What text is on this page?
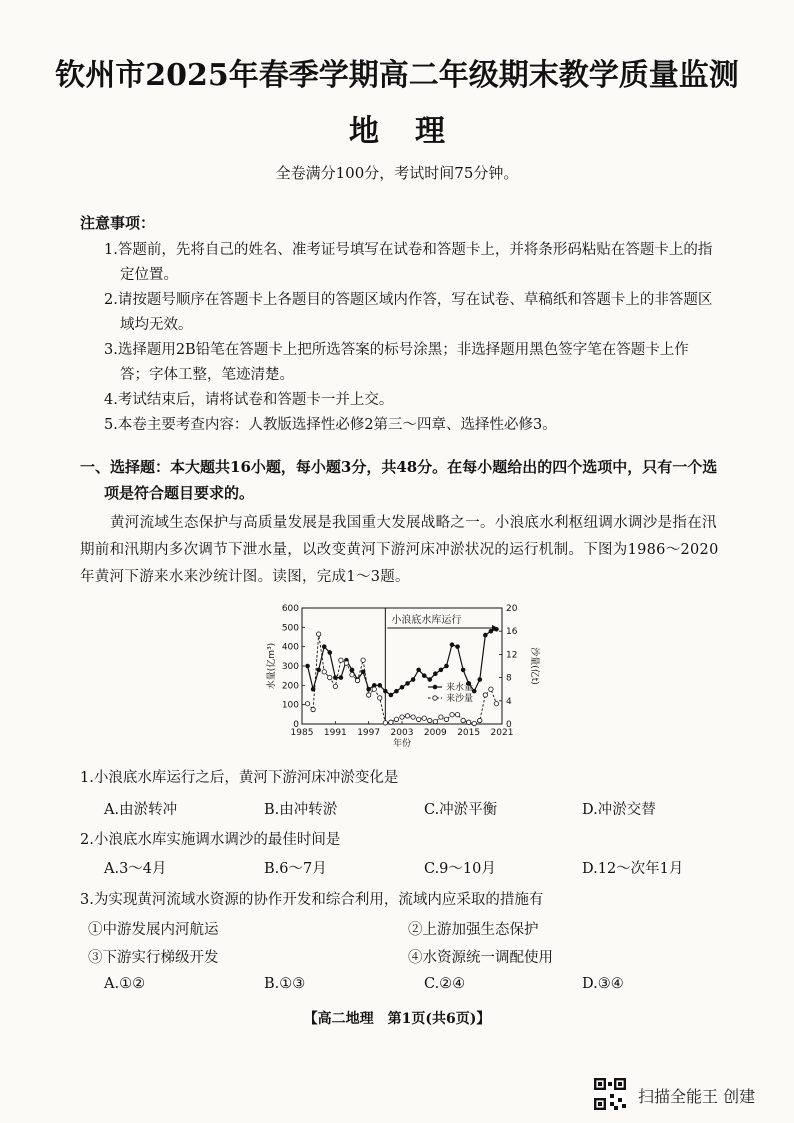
钦州市2025年春季学期高二年级期末教学质量监测
地理
全卷满分100分，考试时间75分钟。
注意事项：
1.答题前，先将自己的姓名、准考证号填写在试卷和答题卡上，并将条形码粘贴在答题卡上的指定位置。
2.请按题号顺序在答题卡上各题目的答题区域内作答，写在试卷、草稿纸和答题卡上的非答题区域均无效。
3.选择题用2B铅笔在答题卡上把所选答案的标号涂黑；非选择题用黑色签字笔在答题卡上作答；字体工整，笔迹清楚。
4.考试结束后，请将试卷和答题卡一并上交。
5.本卷主要考查内容：人教版选择性必修2第三～四章、选择性必修3。
一、选择题：本大题共16小题，每小题3分，共48分。在每小题给出的四个选项中，只有一个选
项是符合题目要求的。
黄河流域生态保护与高质量发展是我国重大发展战略之一。小浪底水利枢纽调水调沙是指在汛期前和汛期内多次调节下泄水量，以改变黄河下游河床冲淤状况的运行机制。下图为1986～2020年黄河下游来水来沙统计图。读图，完成1～3题。
0
100
200
300
400
500
600
0
4
8
12
16
20
1985 1991 1997 2003 2009 2015 2021
年份
水量(亿m³)	沙量(亿t)
小浪底水库运行
来水量
来沙量
1.小浪底水库运行之后，黄河下游河床冲淤变化是
A.由淤转冲	B.由冲转淤	C.冲淤平衡	D.冲淤交替
2.小浪底水库实施调水调沙的最佳时间是
A.3～4月	B.6～7月	C.9～10月	D.12～次年1月
3.为实现黄河流域水资源的协作开发和综合利用，流域内应采取的措施有
①中游发展内河航运	②上游加强生态保护
③下游实行梯级开发	④水资源统一调配使用
A.①②	B.①③	C.②④	D.③④
【高二地理　第1页(共6页)】
扫描全能王 创建
